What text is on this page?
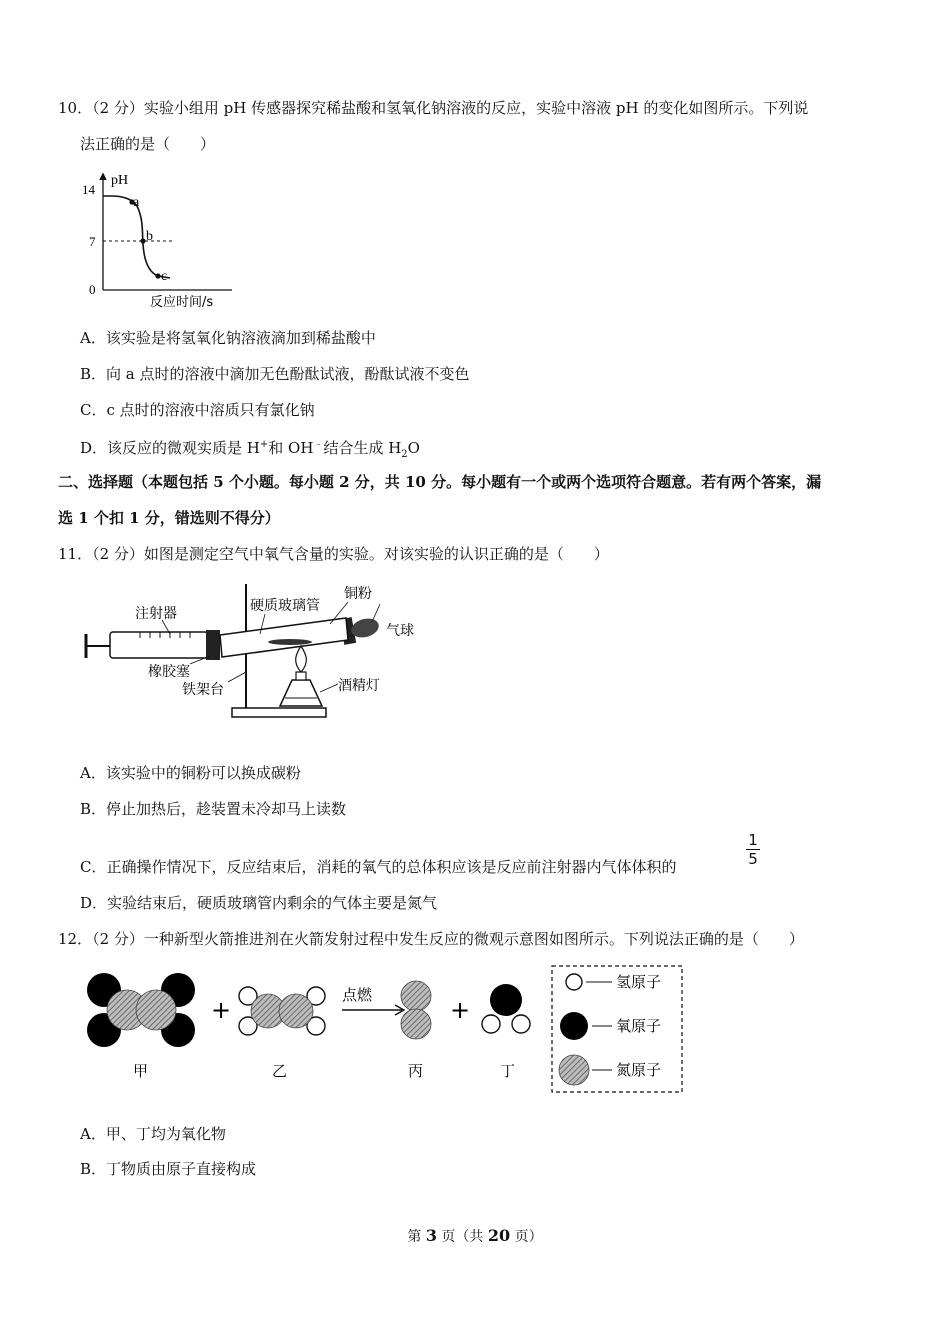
10．（2 分）实验小组用 pH 传感器探究稀盐酸和氢氧化钠溶液的反应，实验中溶液 pH 的变化如图所示。下列说
法正确的是（　　）
pH
14
7
0
a
b
c
反应时间/s
A．该实验是将氢氧化钠溶液滴加到稀盐酸中
B．向 a 点时的溶液中滴加无色酚酞试液，酚酞试液不变色
C．c 点时的溶液中溶质只有氯化钠
D．该反应的微观实质是 H+和 OH﹣结合生成 $H_2O$
二、选择题（本题包括 5 个小题。每小题 2 分，共 10 分。每小题有一个或两个选项符合题意。若有两个答案，漏
选 1 个扣 1 分，错选则不得分）
11．（2 分）如图是测定空气中氧气含量的实验。对该实验的认识正确的是（　　）
注射器	硬质玻璃管
铜粉
气球
橡胶塞
铁架台	酒精灯
A．该实验中的铜粉可以换成碳粉
B．停止加热后，趁装置未冷却马上读数
C．正确操作情况下，反应结束后，消耗的氧气的总体积应该是反应前注射器内气体体积的
1
5
D．实验结束后，硬质玻璃管内剩余的气体主要是氮气
12．（2 分）一种新型火箭推进剂在火箭发射过程中发生反应的微观示意图如图所示。下列说法正确的是（　　）
甲
+
乙
点燃
丙
+
丁
氢原子
氧原子
氮原子
A．甲、丁均为氧化物
B．丁物质由原子直接构成
第 3 页（共 20 页）
